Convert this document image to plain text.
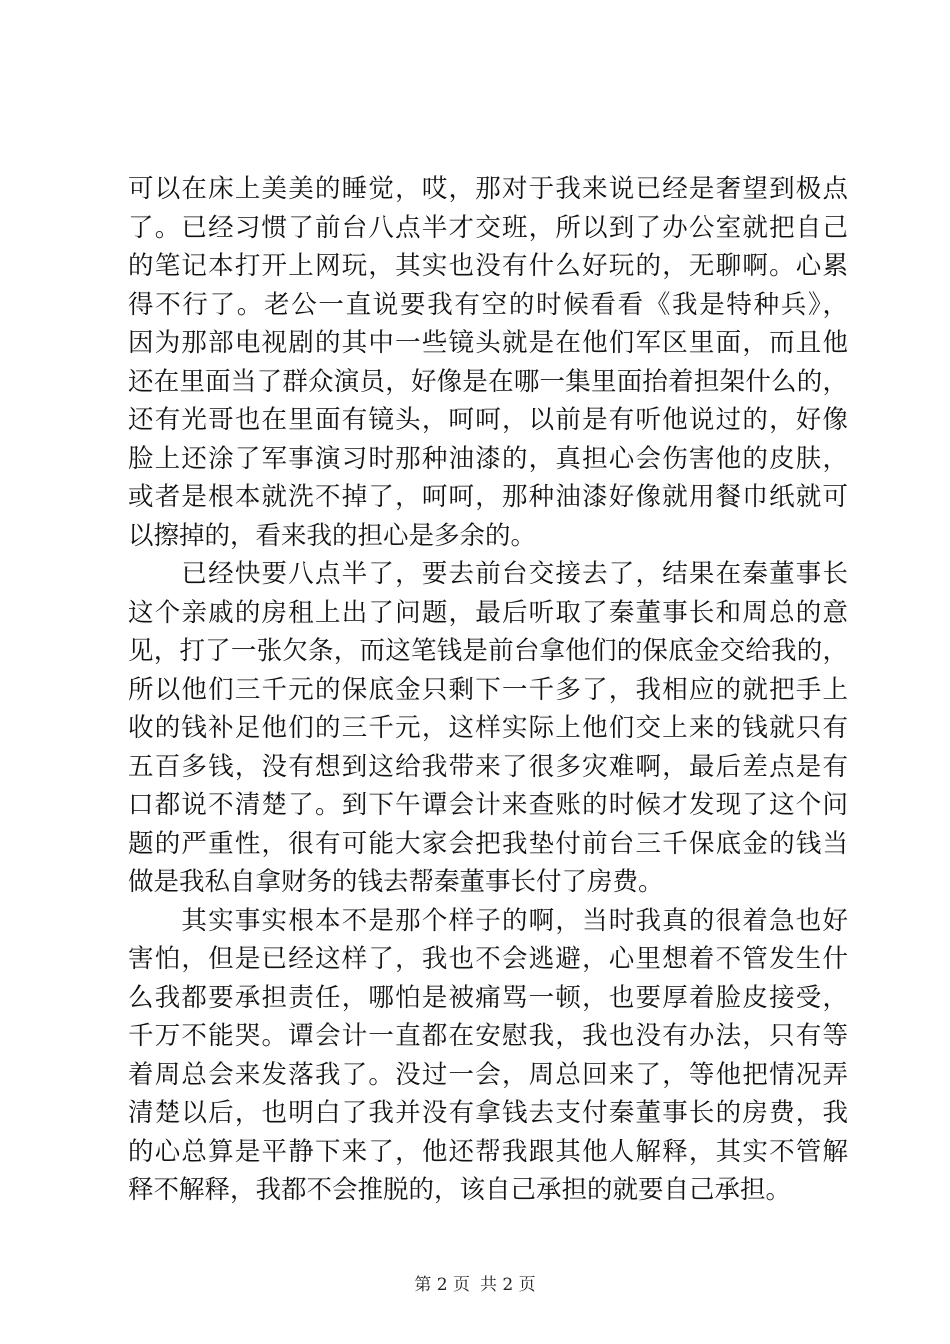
可以在床上美美的睡觉，哎，那对于我来说已经是奢望到极点
了。已经习惯了前台八点半才交班，所以到了办公室就把自己
的笔记本打开上网玩，其实也没有什么好玩的，无聊啊。心累
得不行了。老公一直说要我有空的时候看看《我是特种兵》，
因为那部电视剧的其中一些镜头就是在他们军区里面，而且他
还在里面当了群众演员，好像是在哪一集里面抬着担架什么的，
还有光哥也在里面有镜头，呵呵，以前是有听他说过的，好像
脸上还涂了军事演习时那种油漆的，真担心会伤害他的皮肤，
或者是根本就洗不掉了，呵呵，那种油漆好像就用餐巾纸就可
以擦掉的，看来我的担心是多余的。
　　已经快要八点半了，要去前台交接去了，结果在秦董事长
这个亲戚的房租上出了问题，最后听取了秦董事长和周总的意
见，打了一张欠条，而这笔钱是前台拿他们的保底金交给我的，
所以他们三千元的保底金只剩下一千多了，我相应的就把手上
收的钱补足他们的三千元，这样实际上他们交上来的钱就只有
五百多钱，没有想到这给我带来了很多灾难啊，最后差点是有
口都说不清楚了。到下午谭会计来查账的时候才发现了这个问
题的严重性，很有可能大家会把我垫付前台三千保底金的钱当
做是我私自拿财务的钱去帮秦董事长付了房费。
　　其实事实根本不是那个样子的啊，当时我真的很着急也好
害怕，但是已经这样了，我也不会逃避，心里想着不管发生什
么我都要承担责任，哪怕是被痛骂一顿，也要厚着脸皮接受，
千万不能哭。谭会计一直都在安慰我，我也没有办法，只有等
着周总会来发落我了。没过一会，周总回来了，等他把情况弄
清楚以后，也明白了我并没有拿钱去支付秦董事长的房费，我
的心总算是平静下来了，他还帮我跟其他人解释，其实不管解
释不解释，我都不会推脱的，该自己承担的就要自己承担。
第 2 页 共 2 页
